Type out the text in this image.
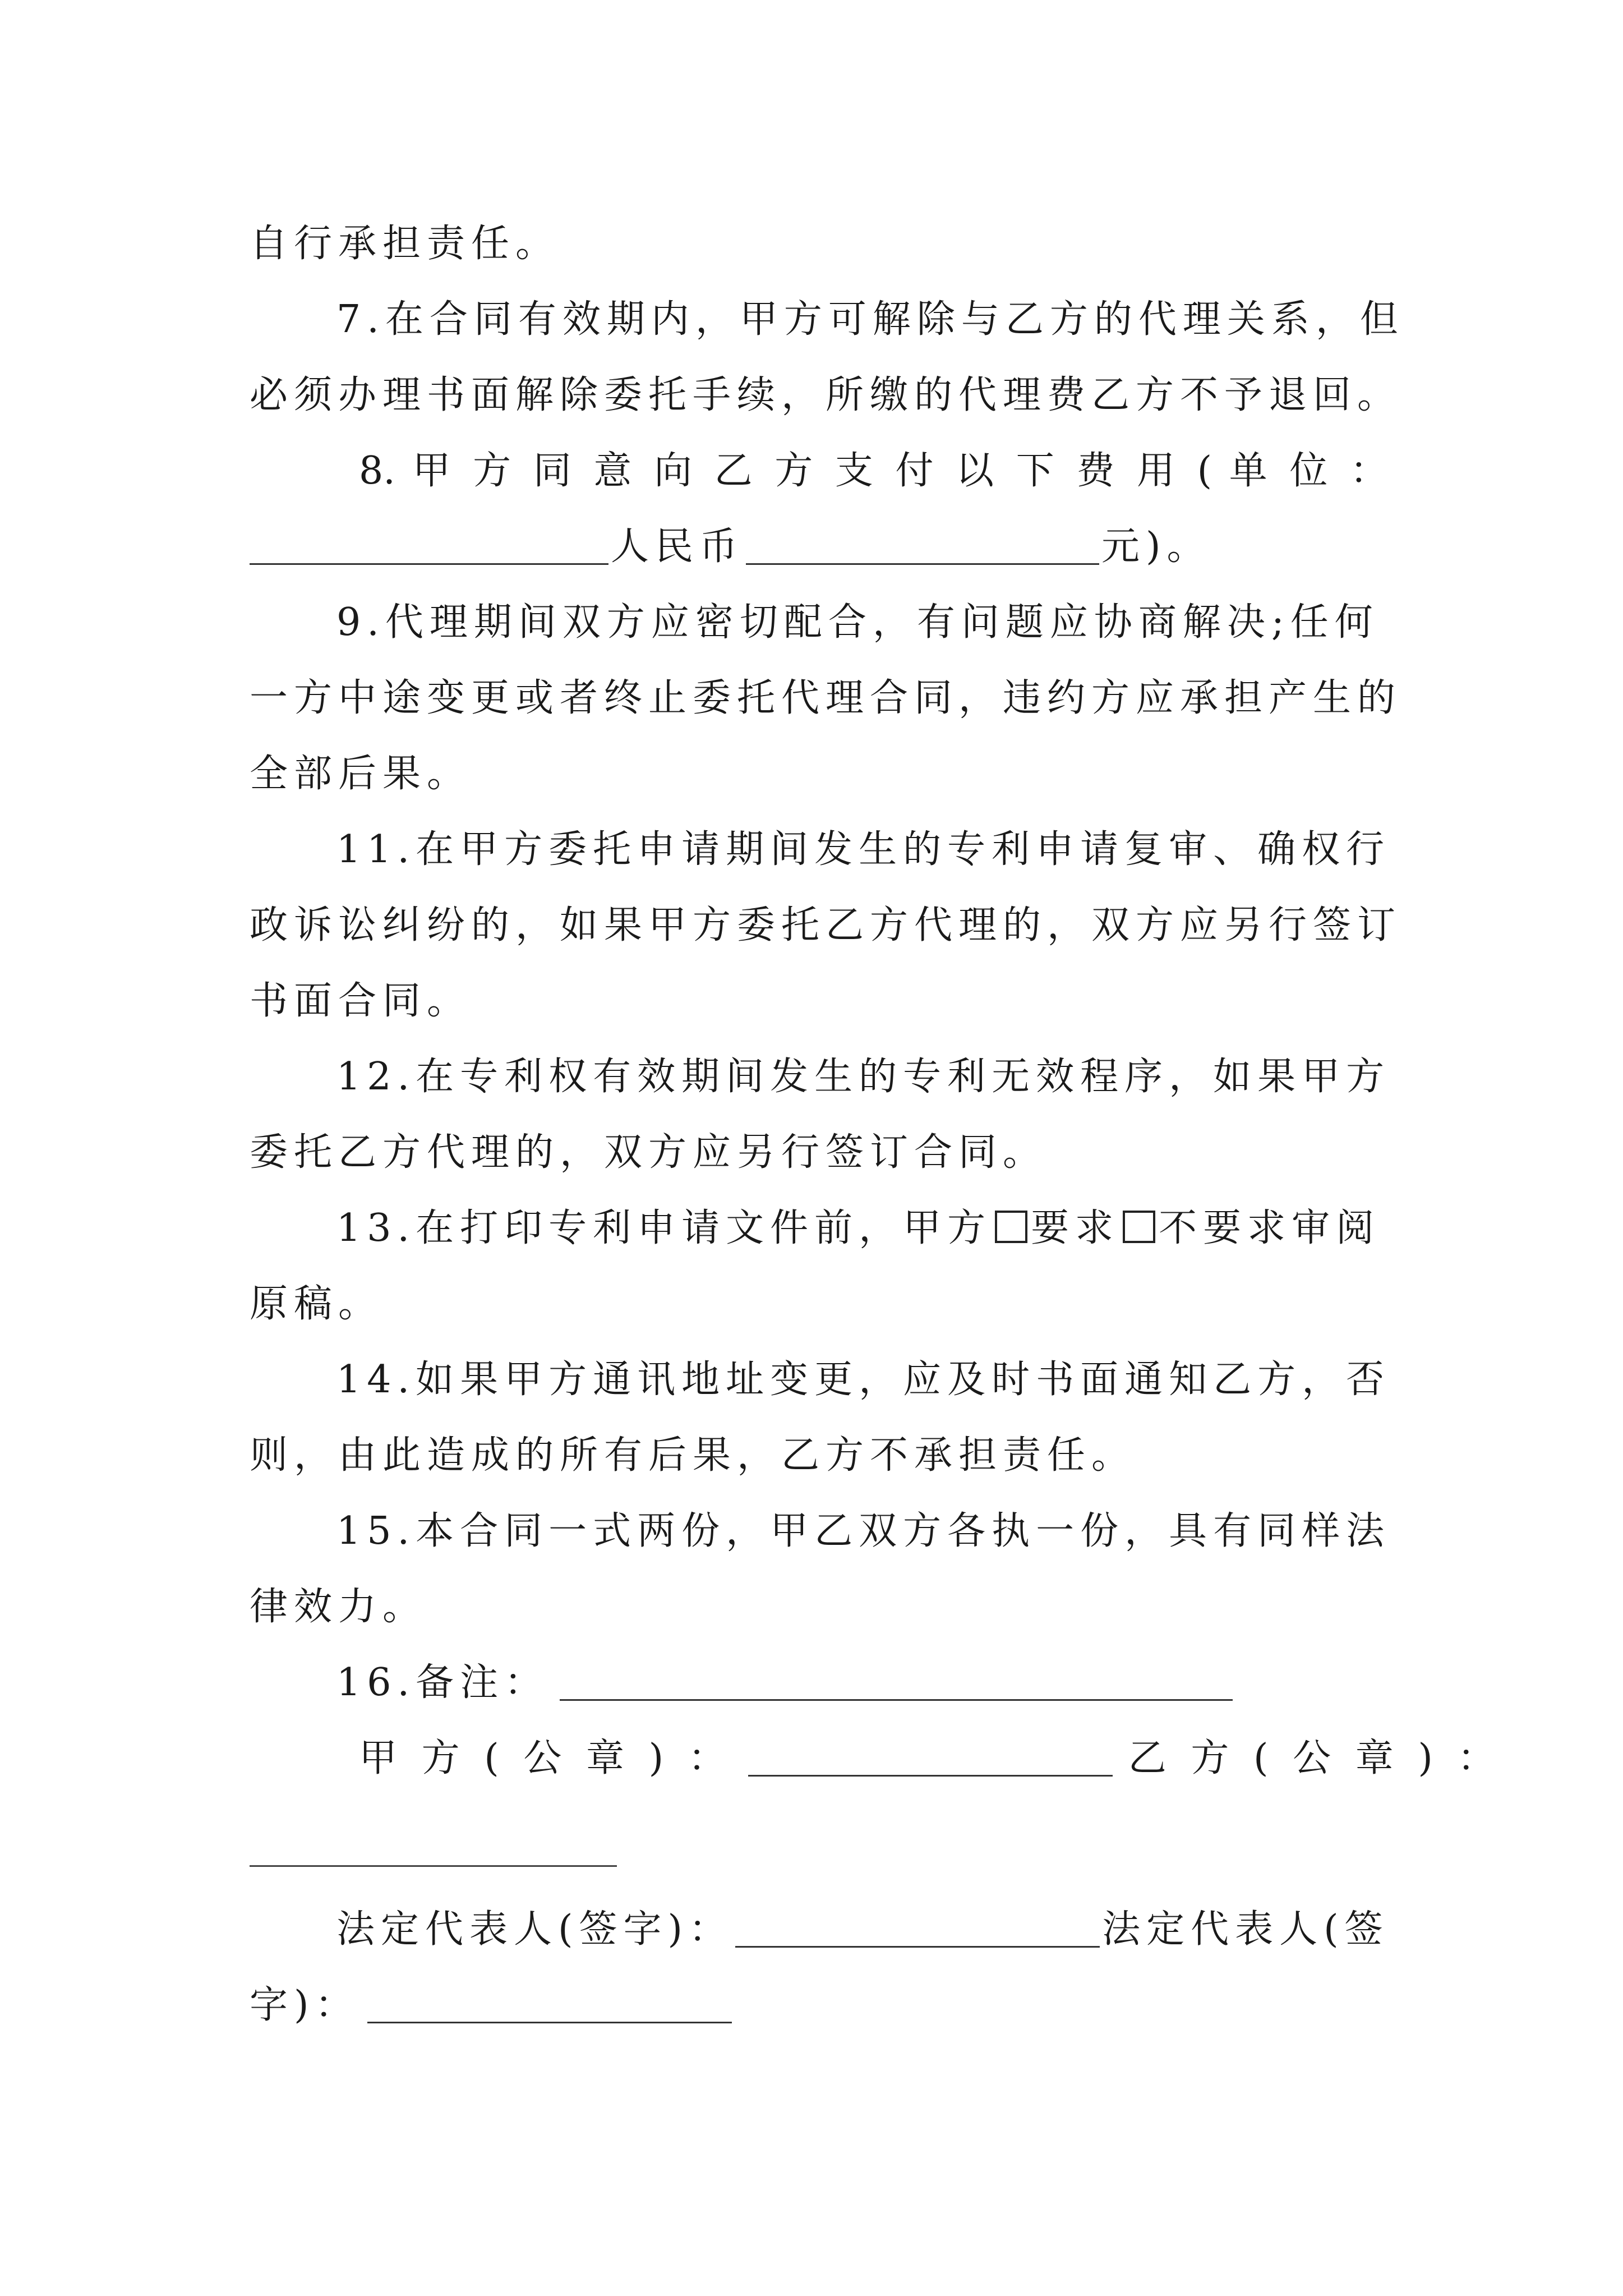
自行承担责任。
7.在合同有效期内，甲方可解除与乙方的代理关系，但
必须办理书面解除委托手续，所缴的代理费乙方不予退回。
8. 甲 方 同 意 向 乙 方 支 付 以 下 费 用 ( 单 位 ：
人民币	元)。
9.代理期间双方应密切配合，有问题应协商解决;任何
一方中途变更或者终止委托代理合同，违约方应承担产生的
全部后果。
11.在甲方委托申请期间发生的专利申请复审、确权行
政诉讼纠纷的，如果甲方委托乙方代理的，双方应另行签订
书面合同。
12.在专利权有效期间发生的专利无效程序，如果甲方
委托乙方代理的，双方应另行签订合同。
13.在打印专利申请文件前，甲方 要求 不要求审阅
原稿。
14.如果甲方通讯地址变更，应及时书面通知乙方，否
则，由此造成的所有后果，乙方不承担责任。
15.本合同一式两份，甲乙双方各执一份，具有同样法
律效力。
16.备注：
甲 方 ( 公 章 ) ：	乙 方 ( 公 章 ) ：
法定代表人(签字)：	法定代表人(签
字)：
